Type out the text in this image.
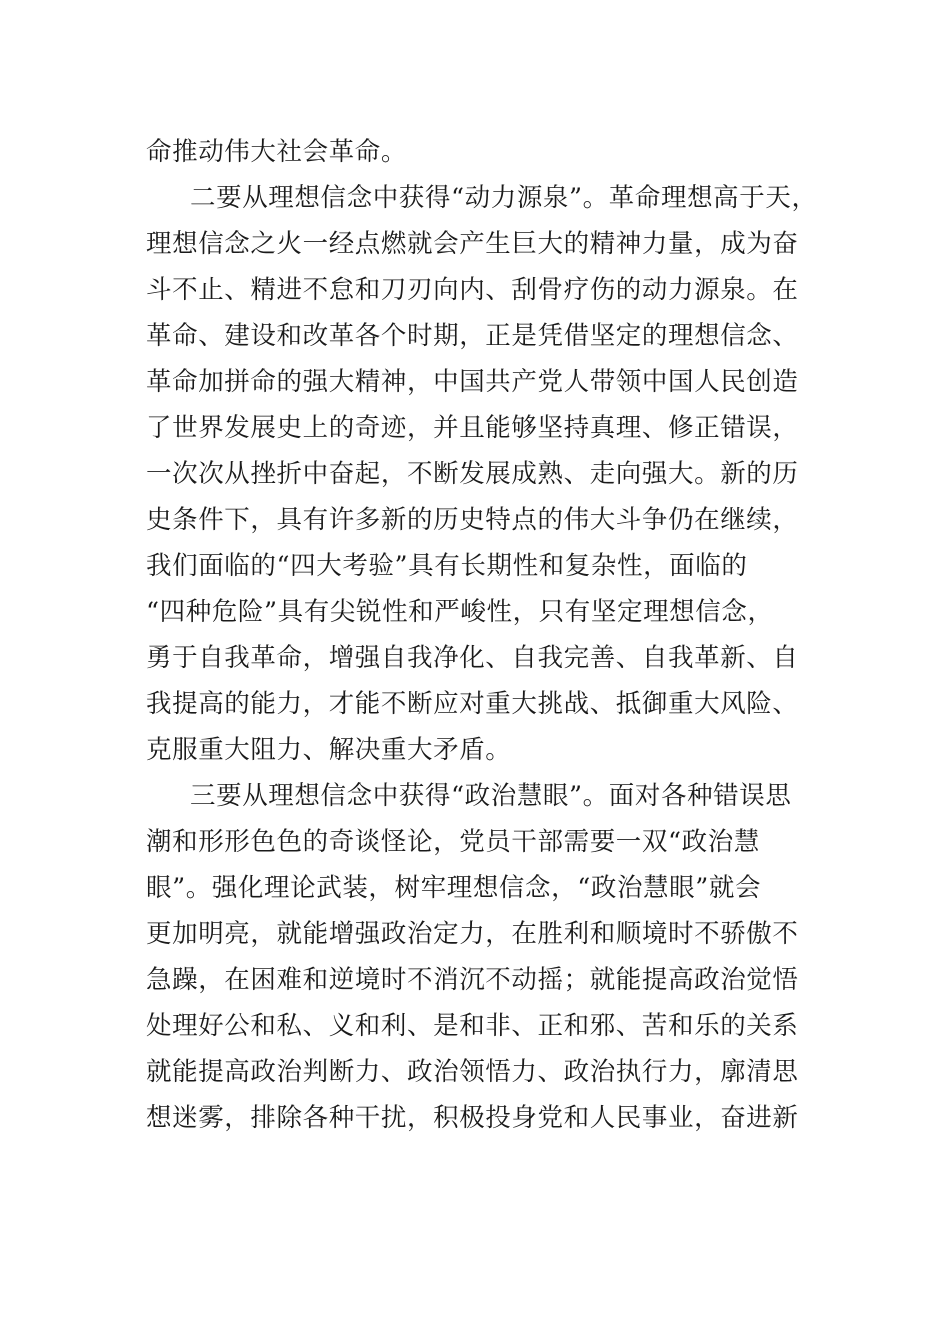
命推动伟大社会革命。
二要从理想信念中获得“动力源泉”。革命理想高于天，
理想信念之火一经点燃就会产生巨大的精神力量，成为奋
斗不止、精进不怠和刀刃向内、刮骨疗伤的动力源泉。在
革命、建设和改革各个时期，正是凭借坚定的理想信念、
革命加拼命的强大精神，中国共产党人带领中国人民创造
了世界发展史上的奇迹，并且能够坚持真理、修正错误，
一次次从挫折中奋起，不断发展成熟、走向强大。新的历
史条件下，具有许多新的历史特点的伟大斗争仍在继续，
我们面临的“四大考验”具有长期性和复杂性，面临的
“四种危险”具有尖锐性和严峻性，只有坚定理想信念，
勇于自我革命，增强自我净化、自我完善、自我革新、自
我提高的能力，才能不断应对重大挑战、抵御重大风险、
克服重大阻力、解决重大矛盾。
三要从理想信念中获得“政治慧眼”。面对各种错误思
潮和形形色色的奇谈怪论，党员干部需要一双“政治慧
眼”。强化理论武装，树牢理想信念，“政治慧眼”就会
更加明亮，就能增强政治定力，在胜利和顺境时不骄傲不
急躁，在困难和逆境时不消沉不动摇；就能提高政治觉悟
处理好公和私、义和利、是和非、正和邪、苦和乐的关系
就能提高政治判断力、政治领悟力、政治执行力，廓清思
想迷雾，排除各种干扰，积极投身党和人民事业，奋进新
